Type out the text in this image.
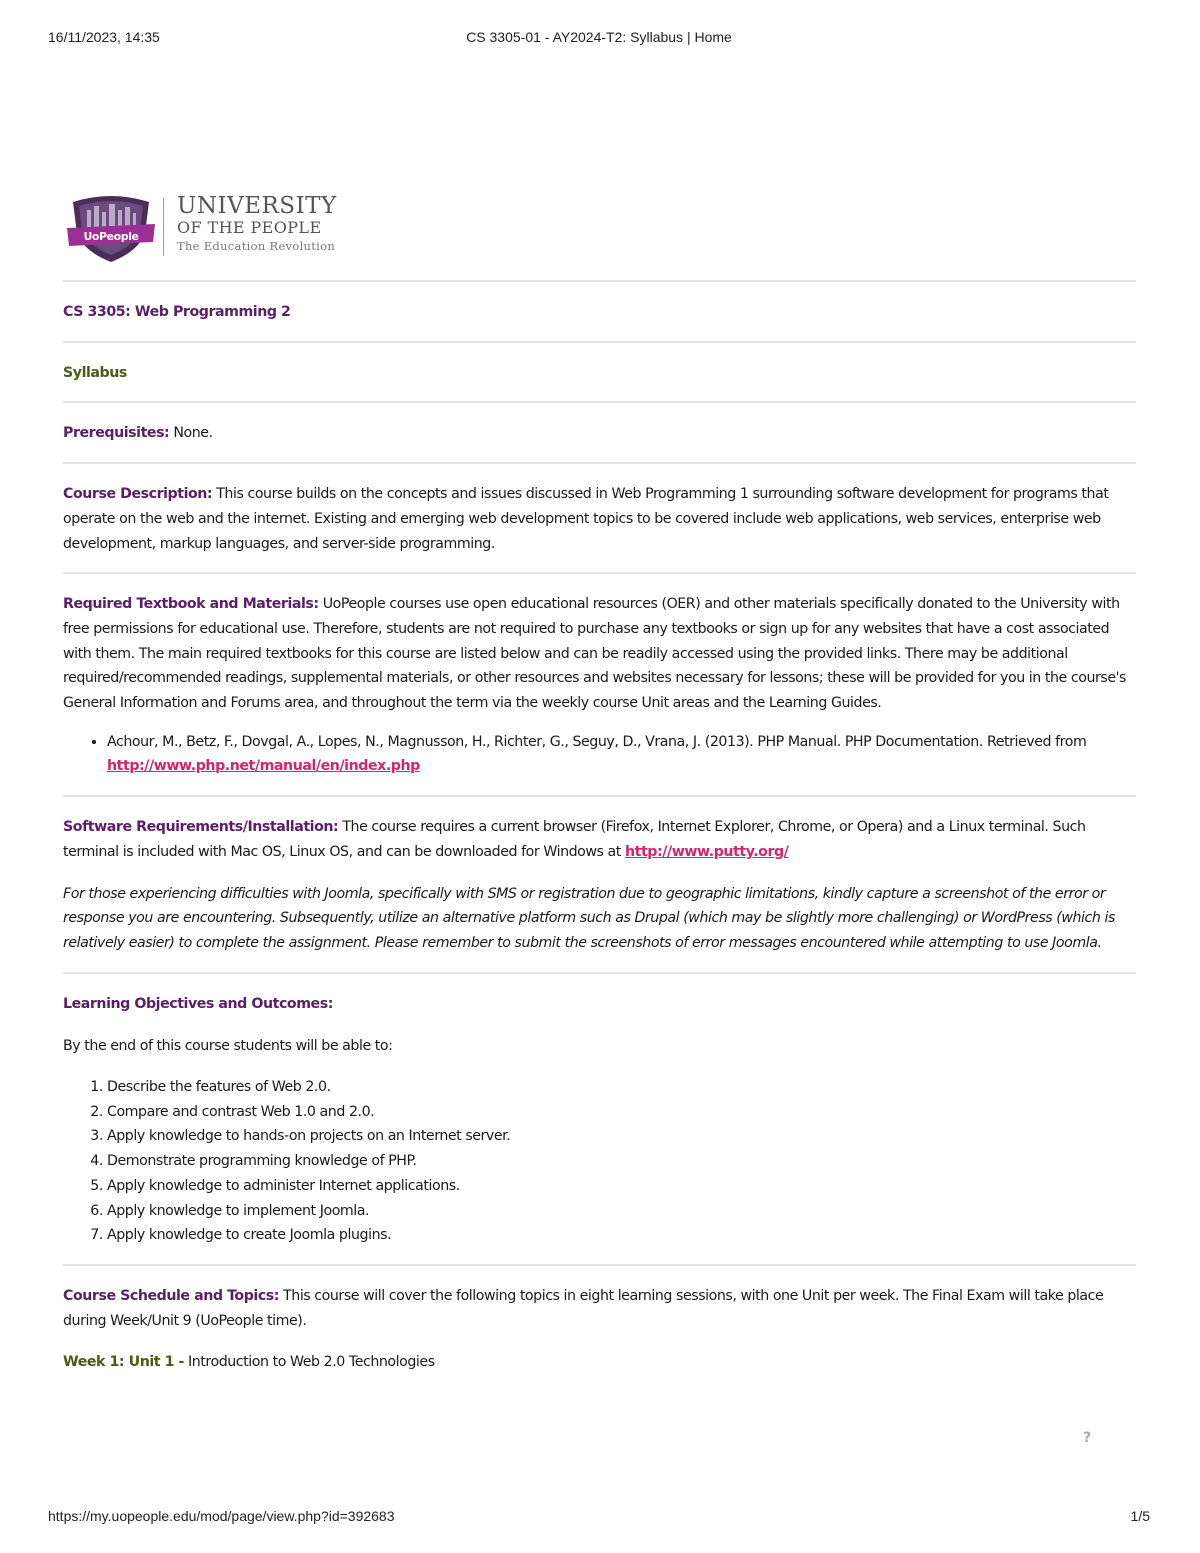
16/11/2023, 14:35	CS 3305-01 - AY2024-T2: Syllabus | Home
UoPeople
UNIVERSITY
OF THE PEOPLE
The Education Revolution

CS 3305: Web Programming 2

Syllabus

Prerequisites: None.

Course Description: This course builds on the concepts and issues discussed in Web Programming 1 surrounding software development for programs that operate on the web and the internet. Existing and emerging web development topics to be covered include web applications, web services, enterprise web development, markup languages, and server-side programming.

Required Textbook and Materials: UoPeople courses use open educational resources (OER) and other materials specifically donated to the University with free permissions for educational use. Therefore, students are not required to purchase any textbooks or sign up for any websites that have a cost associated with them. The main required textbooks for this course are listed below and can be readily accessed using the provided links. There may be additional required/recommended readings, supplemental materials, or other resources and websites necessary for lessons; these will be provided for you in the course's General Information and Forums area, and throughout the term via the weekly course Unit areas and the Learning Guides.

• Achour, M., Betz, F., Dovgal, A., Lopes, N., Magnusson, H., Richter, G., Seguy, D., Vrana, J. (2013). PHP Manual. PHP Documentation. Retrieved from http://www.php.net/manual/en/index.php

Software Requirements/Installation: The course requires a current browser (Firefox, Internet Explorer, Chrome, or Opera) and a Linux terminal. Such terminal is included with Mac OS, Linux OS, and can be downloaded for Windows at http://www.putty.org/

For those experiencing difficulties with Joomla, specifically with SMS or registration due to geographic limitations, kindly capture a screenshot of the error or response you are encountering. Subsequently, utilize an alternative platform such as Drupal (which may be slightly more challenging) or WordPress (which is relatively easier) to complete the assignment. Please remember to submit the screenshots of error messages encountered while attempting to use Joomla.

Learning Objectives and Outcomes:

By the end of this course students will be able to:

1. Describe the features of Web 2.0.
2. Compare and contrast Web 1.0 and 2.0.
3. Apply knowledge to hands-on projects on an Internet server.
4. Demonstrate programming knowledge of PHP.
5. Apply knowledge to administer Internet applications.
6. Apply knowledge to implement Joomla.
7. Apply knowledge to create Joomla plugins.

Course Schedule and Topics: This course will cover the following topics in eight learning sessions, with one Unit per week. The Final Exam will take place during Week/Unit 9 (UoPeople time).

Week 1: Unit 1 - Introduction to Web 2.0 Technologies

?
https://my.uopeople.edu/mod/page/view.php?id=392683	1/5
